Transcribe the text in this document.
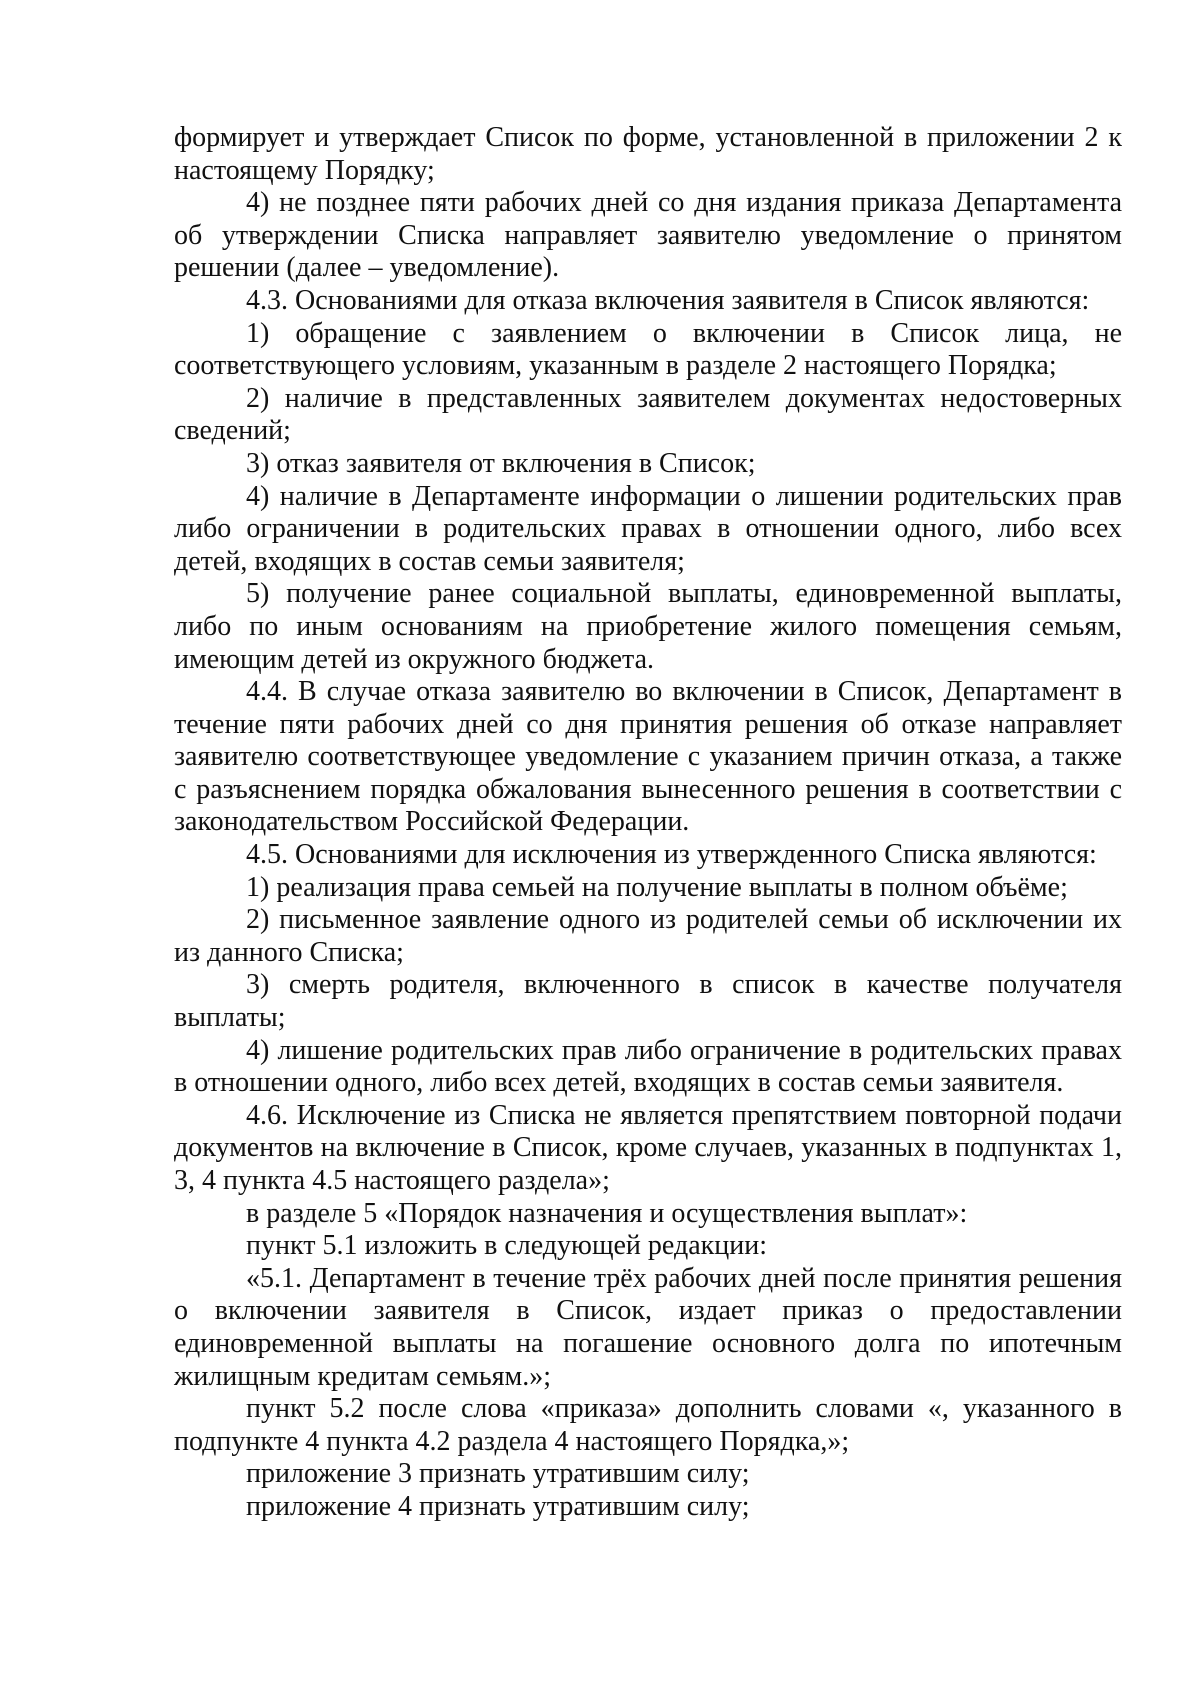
формирует и утверждает Список по форме, установленной в приложении 2 к настоящему Порядку;

4) не позднее пяти рабочих дней со дня издания приказа Департамента об утверждении Списка направляет заявителю уведомление о принятом решении (далее – уведомление).

4.3. Основаниями для отказа включения заявителя в Список являются:

1) обращение с заявлением о включении в Список лица, не соответствующего условиям, указанным в разделе 2 настоящего Порядка;

2) наличие в представленных заявителем документах недостоверных сведений;

3) отказ заявителя от включения в Список;

4) наличие в Департаменте информации о лишении родительских прав либо ограничении в родительских правах в отношении одного, либо всех детей, входящих в состав семьи заявителя;

5) получение ранее социальной выплаты, единовременной выплаты, либо по иным основаниям на приобретение жилого помещения семьям, имеющим детей из окружного бюджета.

4.4. В случае отказа заявителю во включении в Список, Департамент в течение пяти рабочих дней со дня принятия решения об отказе направляет заявителю соответствующее уведомление с указанием причин отказа, а также с разъяснением порядка обжалования вынесенного решения в соответствии с законодательством Российской Федерации.

4.5. Основаниями для исключения из утвержденного Списка являются:

1) реализация права семьей на получение выплаты в полном объёме;

2) письменное заявление одного из родителей семьи об исключении их из данного Списка;

3) смерть родителя, включенного в список в качестве получателя выплаты;

4) лишение родительских прав либо ограничение в родительских правах в отношении одного, либо всех детей, входящих в состав семьи заявителя.

4.6. Исключение из Списка не является препятствием повторной подачи документов на включение в Список, кроме случаев, указанных в подпунктах 1, 3, 4 пункта 4.5 настоящего раздела»;

в разделе 5 «Порядок назначения и осуществления выплат»:

пункт 5.1 изложить в следующей редакции:

«5.1. Департамент в течение трёх рабочих дней после принятия решения о включении заявителя в Список, издает приказ о предоставлении единовременной выплаты на погашение основного долга по ипотечным жилищным кредитам семьям.»;

пункт 5.2 после слова «приказа» дополнить словами «, указанного в подпункте 4 пункта 4.2 раздела 4 настоящего Порядка,»;

приложение 3 признать утратившим силу;

приложение 4 признать утратившим силу;
